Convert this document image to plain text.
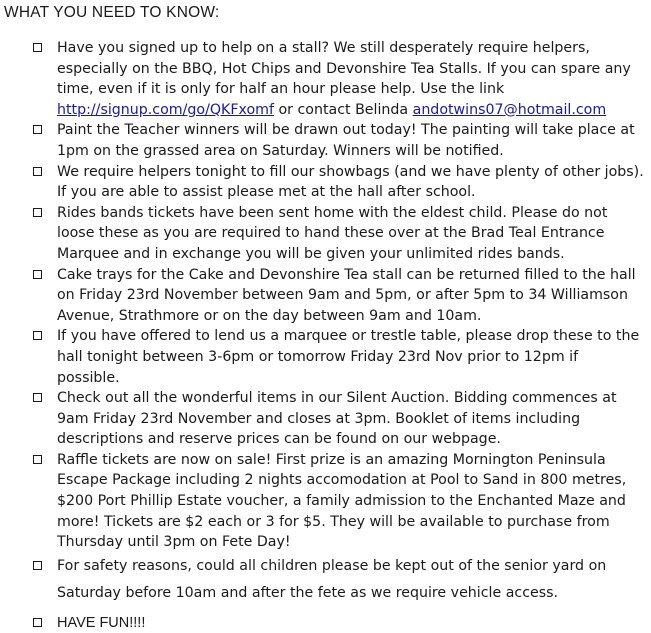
WHAT YOU NEED TO KNOW:
Have you signed up to help on a stall? We still desperately require helpers, especially on the BBQ, Hot Chips and Devonshire Tea Stalls. If you can spare any time, even if it is only for half an hour please help. Use the link http://signup.com/go/QKFxomf or contact Belinda andotwins07@hotmail.com
Paint the Teacher winners will be drawn out today! The painting will take place at 1pm on the grassed area on Saturday. Winners will be notified.
We require helpers tonight to fill our showbags (and we have plenty of other jobs). If you are able to assist please met at the hall after school.
Rides bands tickets have been sent home with the eldest child. Please do not loose these as you are required to hand these over at the Brad Teal Entrance Marquee and in exchange you will be given your unlimited rides bands.
Cake trays for the Cake and Devonshire Tea stall can be returned filled to the hall on Friday 23rd November between 9am and 5pm, or after 5pm to 34 Williamson Avenue, Strathmore or on the day between 9am and 10am.
If you have offered to lend us a marquee or trestle table, please drop these to the hall tonight between 3-6pm or tomorrow Friday 23rd Nov prior to 12pm if possible.
Check out all the wonderful items in our Silent Auction. Bidding commences at 9am Friday 23rd November and closes at 3pm. Booklet of items including descriptions and reserve prices can be found on our webpage.
Raffle tickets are now on sale! First prize is an amazing Mornington Peninsula Escape Package including 2 nights accomodation at Pool to Sand in 800 metres, $200 Port Phillip Estate voucher, a family admission to the Enchanted Maze and more! Tickets are $2 each or 3 for $5. They will be available to purchase from Thursday until 3pm on Fete Day!
For safety reasons, could all children please be kept out of the senior yard on Saturday before 10am and after the fete as we require vehicle access.
HAVE FUN!!!!
